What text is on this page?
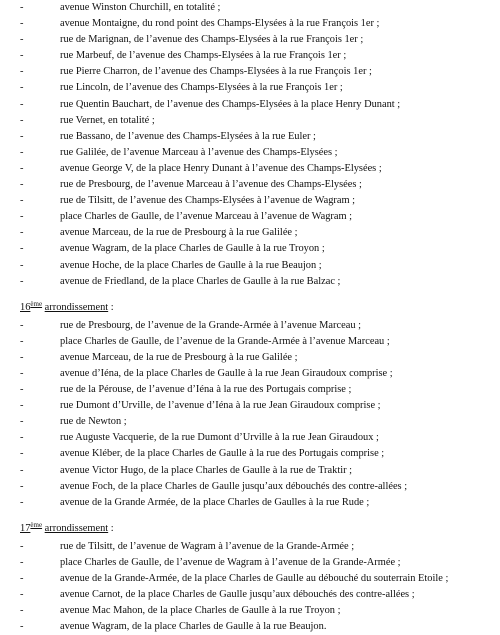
- avenue Winston Churchill, en totalité ;
- avenue Montaigne, du rond point des Champs-Elysées à la rue François 1er ;
- rue de Marignan, de l’avenue des Champs-Elysées à la rue François 1er ;
- rue Marbeuf, de l’avenue des Champs-Elysées à la rue François 1er ;
- rue Pierre Charron, de l’avenue des Champs-Elysées à la rue François 1er ;
- rue Lincoln, de l’avenue des Champs-Elysées à la rue François 1er ;
- rue Quentin Bauchart, de l’avenue des Champs-Elysées à la place Henry Dunant ;
- rue Vernet, en totalité ;
- rue Bassano, de l’avenue des Champs-Elysées à la rue Euler ;
- rue Galilée, de l’avenue Marceau à l’avenue des Champs-Elysées ;
- avenue George V, de la place Henry Dunant à l’avenue des Champs-Elysées ;
- rue de Presbourg, de l’avenue Marceau à l’avenue des Champs-Elysées ;
- rue de Tilsitt, de l’avenue des Champs-Elysées à l’avenue de Wagram ;
- place Charles de Gaulle, de l’avenue Marceau à l’avenue de Wagram ;
- avenue Marceau, de la rue de Presbourg à la rue Galilée ;
- avenue Wagram, de la place Charles de Gaulle à la rue Troyon ;
- avenue Hoche, de la place Charles de Gaulle à la rue Beaujon ;
- avenue de Friedland, de la place Charles de Gaulle à la rue Balzac ;
16ème arrondissement :
- rue de Presbourg, de l’avenue de la Grande-Armée à l’avenue Marceau ;
- place Charles de Gaulle, de l’avenue de la Grande-Armée à l’avenue Marceau ;
- avenue Marceau, de la rue de Presbourg à la rue Galilée ;
- avenue d’Iéna, de la place Charles de Gaulle à la rue Jean Giraudoux comprise ;
- rue de la Pérouse, de l’avenue d’Iéna à la rue des Portugais comprise ;
- rue Dumont d’Urville, de l’avenue d’Iéna à la rue Jean Giraudoux comprise ;
- rue de Newton ;
- rue Auguste Vacquerie, de la rue Dumont d’Urville à la rue Jean Giraudoux ;
- avenue Kléber, de la place Charles de Gaulle à la rue des Portugais comprise ;
- avenue Victor Hugo, de la place Charles de Gaulle à la rue de Traktir ;
- avenue Foch, de la place Charles de Gaulle jusqu’aux débouchés des contre-allées ;
- avenue de la Grande Armée, de la place Charles de Gaulles à la rue Rude ;
17ème arrondissement :
- rue de Tilsitt, de l’avenue de Wagram à l’avenue de la Grande-Armée ;
- place Charles de Gaulle, de l’avenue de Wagram à l’avenue de la Grande-Armée ;
- avenue de la Grande-Armée, de la place Charles de Gaulle au débouché du souterrain Etoile ;
- avenue Carnot, de la place Charles de Gaulle jusqu’aux débouchés des contre-allées ;
- avenue Mac Mahon, de la place Charles de Gaulle à la rue Troyon ;
- avenue Wagram, de la place Charles de Gaulle à la rue Beaujon.
